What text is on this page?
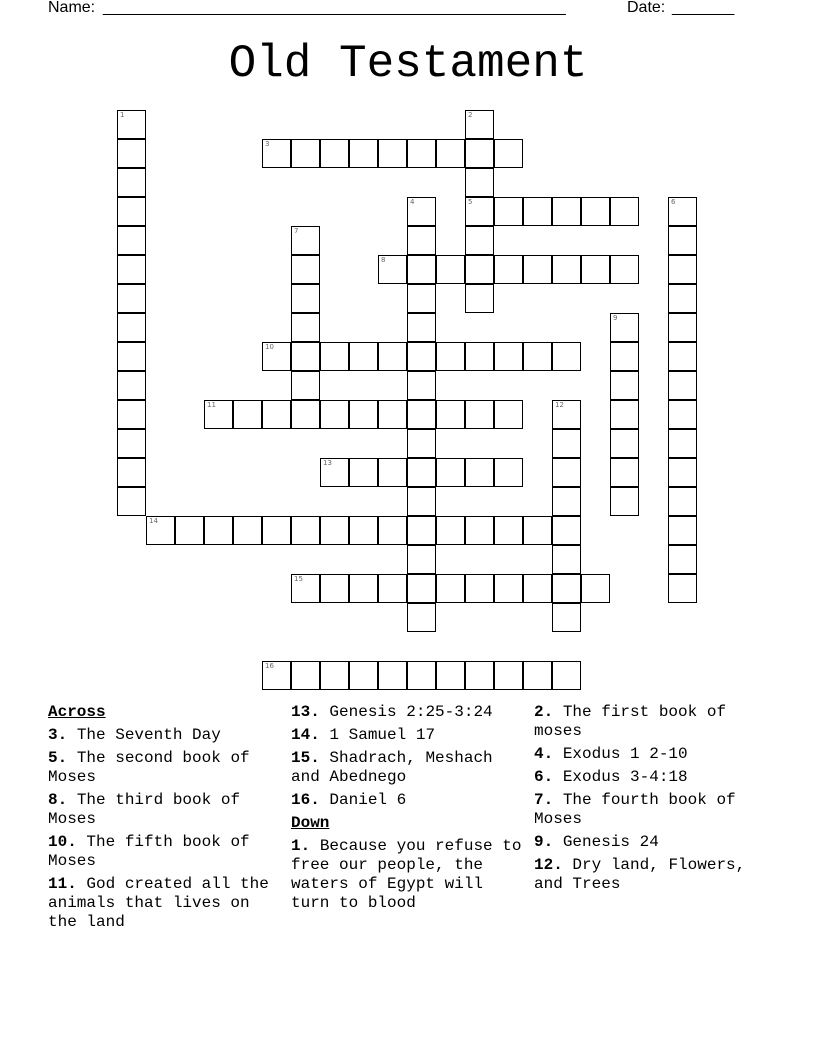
Name: ____________________________________________________	Date: _______
Old Testament
1	2
5
3
4	6
7
8
9
10
11	12
13
14
15
16
Across
3. The Seventh Day
5. The second book of Moses
8. The third book of Moses
10. The fifth book of Moses
11. God created all the animals that lives on the land
13. Genesis 2:25-3:24
14. 1 Samuel 17
15. Shadrach, Meshach and Abednego
16. Daniel 6
Down
1. Because you refuse to free our people, the waters of Egypt will turn to blood
2. The first book of moses
4. Exodus 1 2-10
6. Exodus 3-4:18
7. The fourth book of Moses
9. Genesis 24
12. Dry land, Flowers, and Trees
